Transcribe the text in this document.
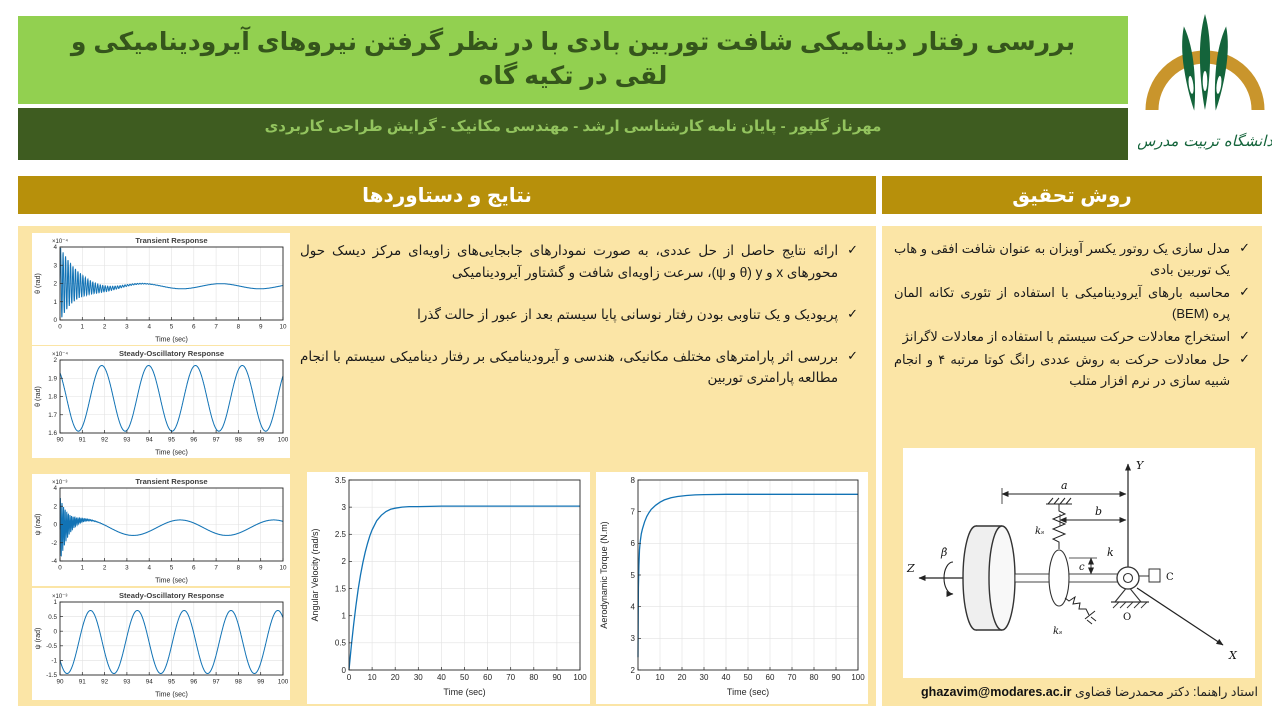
بررسی رفتار دینامیکی شافت توربین بادی با در نظر گرفتن نیروهای آیرودینامیکی و لقی در تکیه گاه
مهرناز گلپور - پایان نامه کارشناسی ارشد - مهندسی مکانیک - گرایش طراحی کاربردی
دانشگاه تربیت مدرس
نتایج و دستاوردها
✓
ارائه نتایج حاصل از حل عددی، به صورت نمودارهای جابجایی‌های زاویه‌ای مرکز دیسک حول محورهای x و y (θ و ψ)، سرعت زاویه‌ای شافت و گشتاور آیرودینامیکی
✓
پریودیک و یک تناوبی بودن رفتار نوسانی پایا سیستم بعد از عبور از حالت گذرا
✓
بررسی اثر پارامترهای مختلف مکانیکی، هندسی و آیرودینامیکی بر رفتار دینامیکی سیستم با انجام مطالعه پارامتری توربین
0	1	2	3	4	5	6	7	8	9	10
0
1
2
3
4
Transient Response
×10⁻⁴
Time (sec)
θ (rad)
90 91 92 93 94 95 96 97 98 99 100
1.6
1.7
1.8
1.9
2
Steady-Oscillatory Response
×10⁻⁴
Time (sec)
θ (rad)
0	1	2	3	4	5	6	7	8	9	10
-4
-2
0
2
4
Transient Response
×10⁻³
Time (sec)
ψ (rad)
90 91 92 93 94 95 96 97 98 99 100
-1.5
-1
-0.5
0
0.5
1
Steady-Oscillatory Response
×10⁻³
Time (sec)
ψ (rad)
0 10 20 30 40 50 60 70 80 90 100
0
0.5
1
1.5
2
2.5
3
3.5
Time (sec)
Angular Velocity (rad/s)
0 10 20 30 40 50 60 70 80 90 100
2
3
4
5
6
7
8
Time (sec)
Aerodynamic Torque (N.m)
روش تحقیق
✓
مدل سازی یک روتور یکسر آویزان به عنوان شافت افقی و هاب یک توربین بادی
✓
محاسبه بارهای آیرودینامیکی با استفاده از تئوری تکانه المان پره (BEM)
✓
استخراج معادلات حرکت سیستم با استفاده از معادلات لاگرانژ
✓
حل معادلات حرکت به روش عددی رانگ کوتا مرتبه ۴ و انجام شبیه سازی در نرم افزار متلب
Y
Z
X
β̇
a
b
kₛ
kₛ
c
k
O
C
استاد راهنما: دکتر محمدرضا قضاوی ghazavim@modares.ac.ir
